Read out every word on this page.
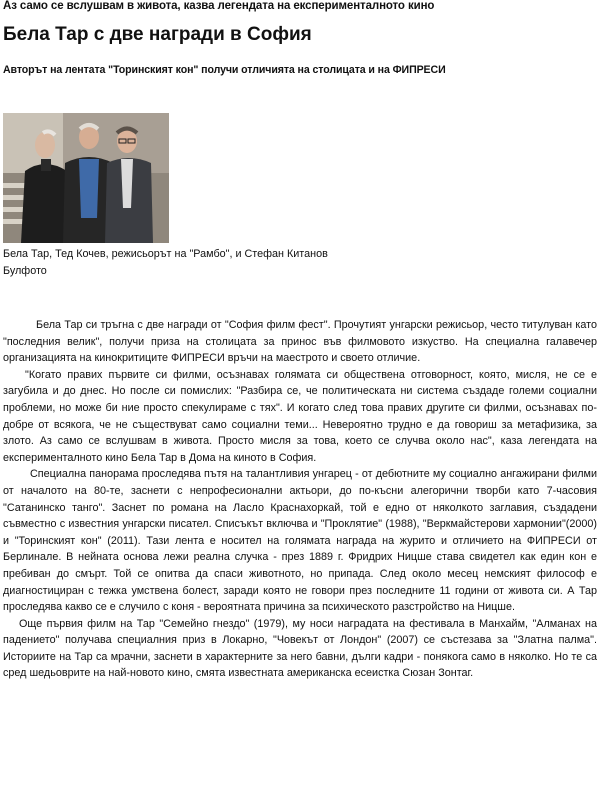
Аз само се вслушвам в живота, казва легендата на експерименталното кино
Бела Тар с две награди в София
Авторът на лентата "Торинският кон" получи отличията на столицата и на ФИПРЕСИ
Бела Тар, Тед Кочев, режисьорът на "Рамбо", и Стефан Китанов
Булфото

Бела Тар си тръгна с две награди от "София филм фест". Прочутият унгарски режисьор, често титулуван като "последния велик", получи приза на столицата за принос във филмовото изкуство. На специална галавечер организацията на кинокритиците ФИПРЕСИ връчи на маестрото и своето отличие.

"Когато правих първите си филми, осъзнавах голямата си обществена отговорност, която, мисля, не се е загубила и до днес. Но после си помислих: "Разбира се, че политическата ни система създаде големи социални проблеми, но може би ние просто спекулираме с тях". И когато след това правих другите си филми, осъзнавах по-добре от всякога, че не съществуват само социални теми... Невероятно трудно е да говориш за метафизика, за злото. Аз само се вслушвам в живота. Просто мисля за това, което се случва около нас", каза легендата на експерименталното кино Бела Тар в Дома на киното в София.

Специална панорама проследява пътя на талантливия унгарец - от дебютните му социално ангажирани филми от началото на 80-те, заснети с непрофесионални актьори, до по-късни алегорични творби като 7-часовия "Сатанинско танго". Заснет по романа на Ласло Краснахоркай, той е едно от няколкото заглавия, създадени съвместно с известния унгарски писател. Списъкът включва и "Проклятие" (1988), "Веркмайстерови хармонии"(2000) и "Торинският кон" (2011). Тази лента е носител на голямата награда на журито и отличието на ФИПРЕСИ от Берлинале. В нейната основа лежи реална случка - през 1889 г. Фридрих Ницше става свидетел как един кон е пребиван до смърт. Той се опитва да спаси животното, но припада. След около месец немският философ е диагностициран с тежка умствена болест, заради която не говори през последните 11 години от живота си. А Тар проследява какво се е случило с коня - вероятната причина за психическото разстройство на Ницше.

Още първия филм на Тар "Семейно гнездо" (1979), му носи наградата на фестивала в Манхайм, "Алманах на падението" получава специалния приз в Локарно, "Човекът от Лондон" (2007) се състезава за "Златна палма". Историите на Тар са мрачни, заснети в характерните за него бавни, дълги кадри - понякога само в няколко. Но те са сред шедьоврите на най-новото кино, смята известната американска есеистка Сюзан Зонтаг.
